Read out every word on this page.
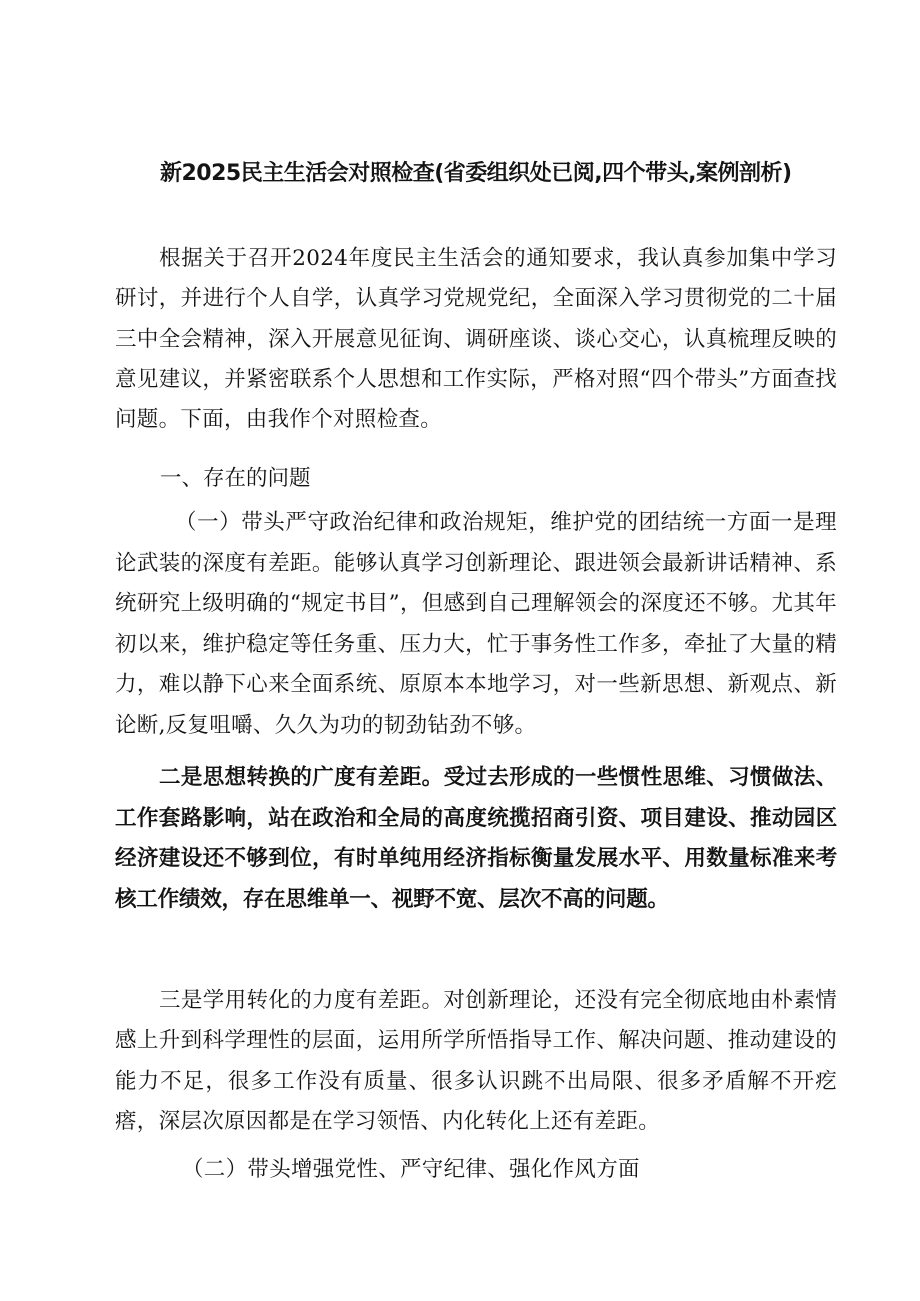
新2025民主生活会对照检查(省委组织处已阅,四个带头,案例剖析)
根据关于召开2024年度民主生活会的通知要求，我认真参加集中学习研讨，并进行个人自学，认真学习党规党纪，全面深入学习贯彻党的二十届三中全会精神，深入开展意见征询、调研座谈、谈心交心，认真梳理反映的意见建议，并紧密联系个人思想和工作实际，严格对照“四个带头”方面查找问题。下面，由我作个对照检查。
一、存在的问题
（一）带头严守政治纪律和政治规矩，维护党的团结统一方面一是理论武装的深度有差距。能够认真学习创新理论、跟进领会最新讲话精神、系统研究上级明确的“规定书目”，但感到自己理解领会的深度还不够。尤其年初以来，维护稳定等任务重、压力大，忙于事务性工作多，牵扯了大量的精力，难以静下心来全面系统、原原本本地学习，对一些新思想、新观点、新论断,反复咀嚼、久久为功的韧劲钻劲不够。
二是思想转换的广度有差距。受过去形成的一些惯性思维、习惯做法、工作套路影响，站在政治和全局的高度统揽招商引资、项目建设、推动园区经济建设还不够到位，有时单纯用经济指标衡量发展水平、用数量标准来考核工作绩效，存在思维单一、视野不宽、层次不高的问题。
三是学用转化的力度有差距。对创新理论，还没有完全彻底地由朴素情感上升到科学理性的层面，运用所学所悟指导工作、解决问题、推动建设的能力不足，很多工作没有质量、很多认识跳不出局限、很多矛盾解不开疙瘩，深层次原因都是在学习领悟、内化转化上还有差距。
（二）带头增强党性、严守纪律、强化作风方面
